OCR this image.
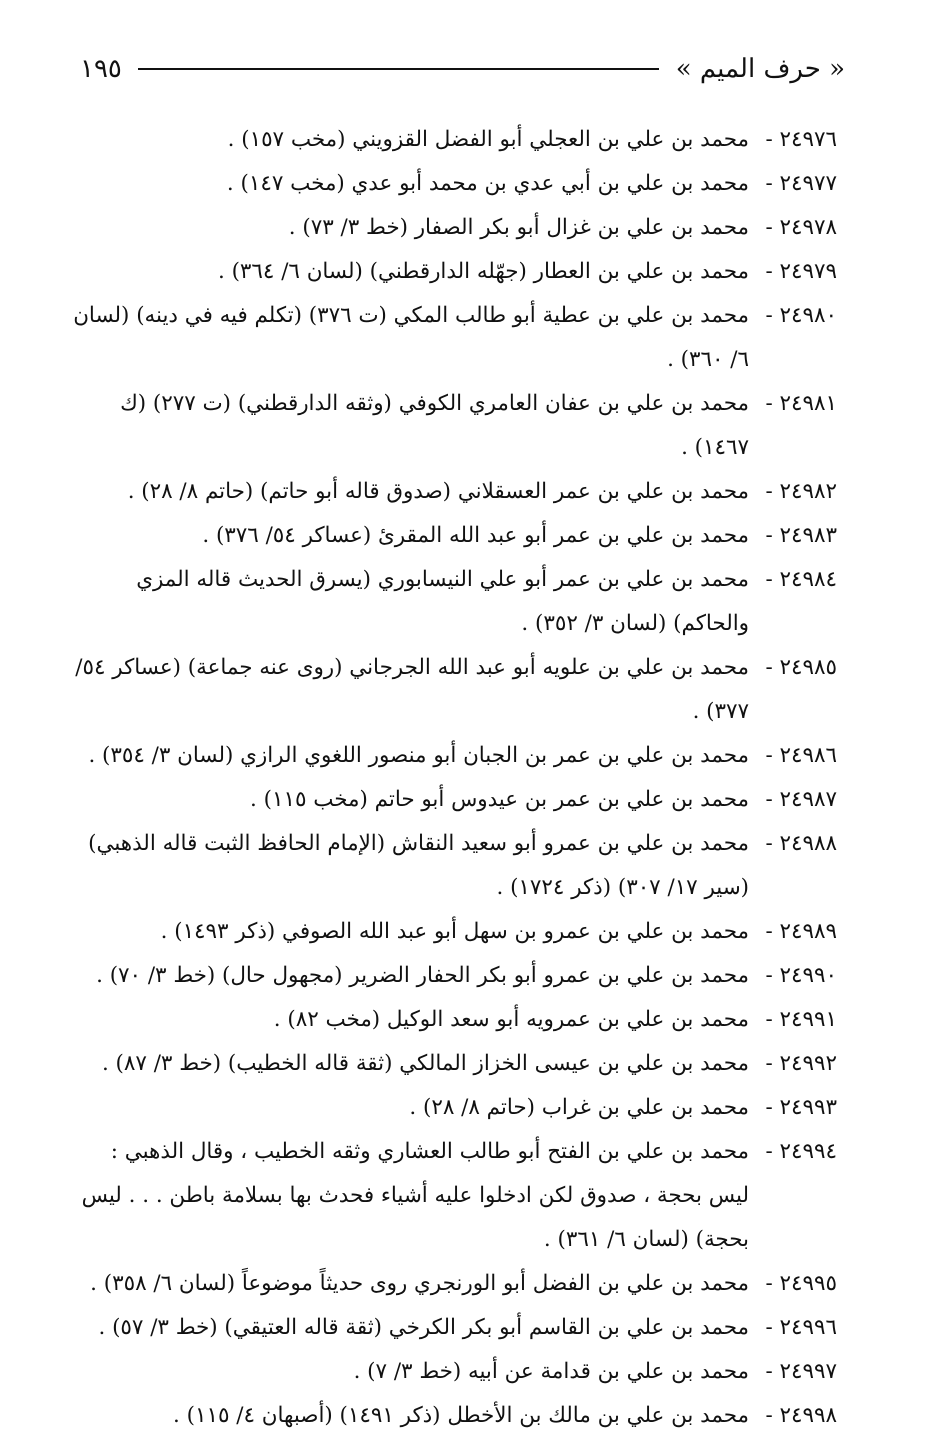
« حرف الميم »
١٩٥
٢٤٩٧٦ -
محمد بن علي بن العجلي أبو الفضل القزويني (مخب ١٥٧) .
٢٤٩٧٧ -
محمد بن علي بن أبي عدي بن محمد أبو عدي (مخب ١٤٧) .
٢٤٩٧٨ -
محمد بن علي بن غزال أبو بكر الصفار (خط ٣/ ٧٣) .
٢٤٩٧٩ -
محمد بن علي بن العطار (جهّله الدارقطني) (لسان ٦/ ٣٦٤) .
٢٤٩٨٠ -
محمد بن علي بن عطية أبو طالب المكي (ت ٣٧٦) (تكلم فيه في دينه) (لسان ٦/ ٣٦٠) .
٢٤٩٨١ -
محمد بن علي بن عفان العامري الكوفي (وثقه الدارقطني) (ت ٢٧٧) (ك ١٤٦٧) .
٢٤٩٨٢ -
محمد بن علي بن عمر العسقلاني (صدوق قاله أبو حاتم) (حاتم ٨/ ٢٨) .
٢٤٩٨٣ -
محمد بن علي بن عمر أبو عبد الله المقرئ (عساكر ٥٤/ ٣٧٦) .
٢٤٩٨٤ -
محمد بن علي بن عمر أبو علي النيسابوري (يسرق الحديث قاله المزي والحاكم) (لسان ٣/ ٣٥٢) .
٢٤٩٨٥ -
محمد بن علي بن علويه أبو عبد الله الجرجاني (روى عنه جماعة) (عساكر ٥٤/ ٣٧٧) .
٢٤٩٨٦ -
محمد بن علي بن عمر بن الجبان أبو منصور اللغوي الرازي (لسان ٣/ ٣٥٤) .
٢٤٩٨٧ -
محمد بن علي بن عمر بن عيدوس أبو حاتم (مخب ١١٥) .
٢٤٩٨٨ -
محمد بن علي بن عمرو أبو سعيد النقاش (الإمام الحافظ الثبت قاله الذهبي) (سير ١٧/ ٣٠٧) (ذكر ١٧٢٤) .
٢٤٩٨٩ -
محمد بن علي بن عمرو بن سهل أبو عبد الله الصوفي (ذكر ١٤٩٣) .
٢٤٩٩٠ -
محمد بن علي بن عمرو أبو بكر الحفار الضرير (مجهول حال) (خط ٣/ ٧٠) .
٢٤٩٩١ -
محمد بن علي بن عمرويه أبو سعد الوكيل (مخب ٨٢) .
٢٤٩٩٢ -
محمد بن علي بن عيسى الخزاز المالكي (ثقة قاله الخطيب) (خط ٣/ ٨٧) .
٢٤٩٩٣ -
محمد بن علي بن غراب (حاتم ٨/ ٢٨) .
٢٤٩٩٤ -
محمد بن علي بن الفتح أبو طالب العشاري وثقه الخطيب ، وقال الذهبي : ليس بحجة ، صدوق لكن ادخلوا عليه أشياء فحدث بها بسلامة باطن . . . ليس بحجة) (لسان ٦/ ٣٦١) .
٢٤٩٩٥ -
محمد بن علي بن الفضل أبو الورنجري روى حديثاً موضوعاً (لسان ٦/ ٣٥٨) .
٢٤٩٩٦ -
محمد بن علي بن القاسم أبو بكر الكرخي (ثقة قاله العتيقي) (خط ٣/ ٥٧) .
٢٤٩٩٧ -
محمد بن علي بن قدامة عن أبيه (خط ٣/ ٧) .
٢٤٩٩٨ -
محمد بن علي بن مالك بن الأخطل (ذكر ١٤٩١) (أصبهان ٤/ ١١٥) .
